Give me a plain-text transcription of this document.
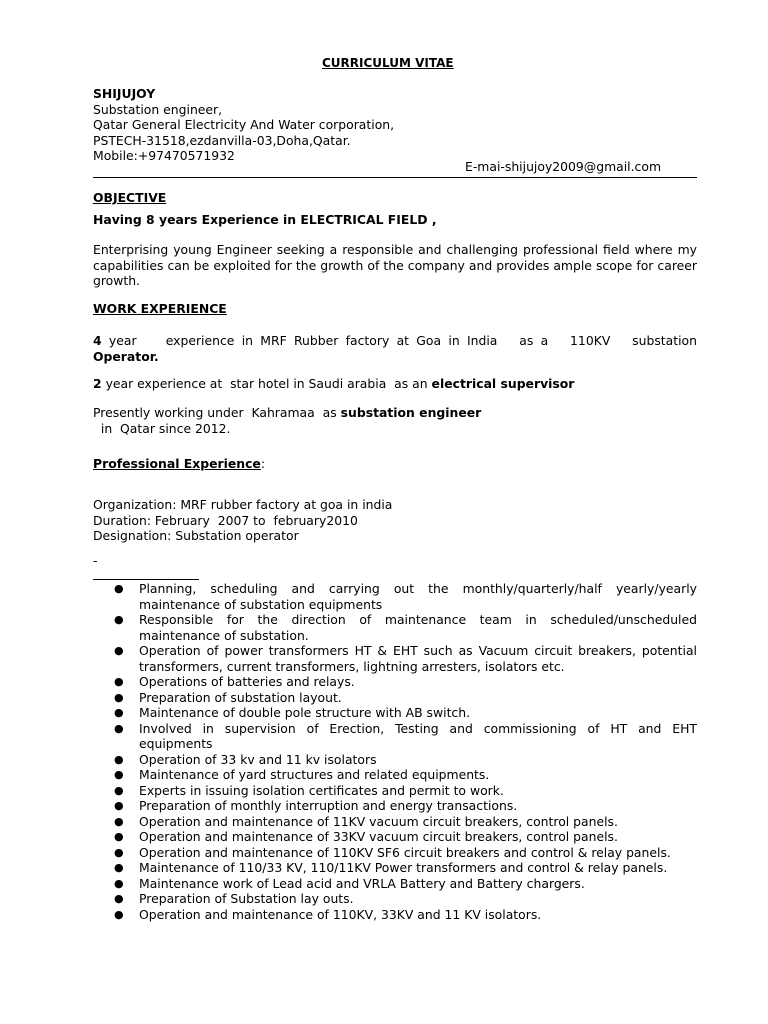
CURRICULUM VITAE
SHIJUJOY
Substation engineer,
Qatar General Electricity And Water corporation,
PSTECH-31518,ezdanvilla-03,Doha,Qatar.
Mobile:+97470571932
E-mai-shijujoy2009@gmail.com
OBJECTIVE
Having 8 years Experience in ELECTRICAL FIELD ,
Enterprising young Engineer seeking a responsible and challenging professional field where my capabilities can be exploited for the growth of the company and provides ample scope for career growth.
WORK EXPERIENCE
4 year    experience in MRF Rubber factory at Goa in India   as a   110KV   substation
Operator.
2 year experience at  star hotel in Saudi arabia  as an electrical supervisor
Presently working under  Kahramaa  as substation engineer
in  Qatar since 2012.
Professional Experience:
Organization: MRF rubber factory at goa in india
Duration: February  2007 to  february2010
Designation: Substation operator
-
● Planning, scheduling and carrying out the monthly/quarterly/half yearly/yearly maintenance of substation equipments
● Responsible for the direction of maintenance team in scheduled/unscheduled maintenance of substation.
● Operation of power transformers HT & EHT such as Vacuum circuit breakers, potential transformers, current transformers, lightning arresters, isolators etc.
● Operations of batteries and relays.
● Preparation of substation layout.
● Maintenance of double pole structure with AB switch.
● Involved in supervision of Erection, Testing and commissioning of HT and EHT equipments
● Operation of 33 kv and 11 kv isolators
● Maintenance of yard structures and related equipments.
● Experts in issuing isolation certificates and permit to work.
● Preparation of monthly interruption and energy transactions.
● Operation and maintenance of 11KV vacuum circuit breakers, control panels.
● Operation and maintenance of 33KV vacuum circuit breakers, control panels.
● Operation and maintenance of 110KV SF6 circuit breakers and control & relay panels.
● Maintenance of 110/33 KV, 110/11KV Power transformers and control & relay panels.
● Maintenance work of Lead acid and VRLA Battery and Battery chargers.
● Preparation of Substation lay outs.
● Operation and maintenance of 110KV, 33KV and 11 KV isolators.
